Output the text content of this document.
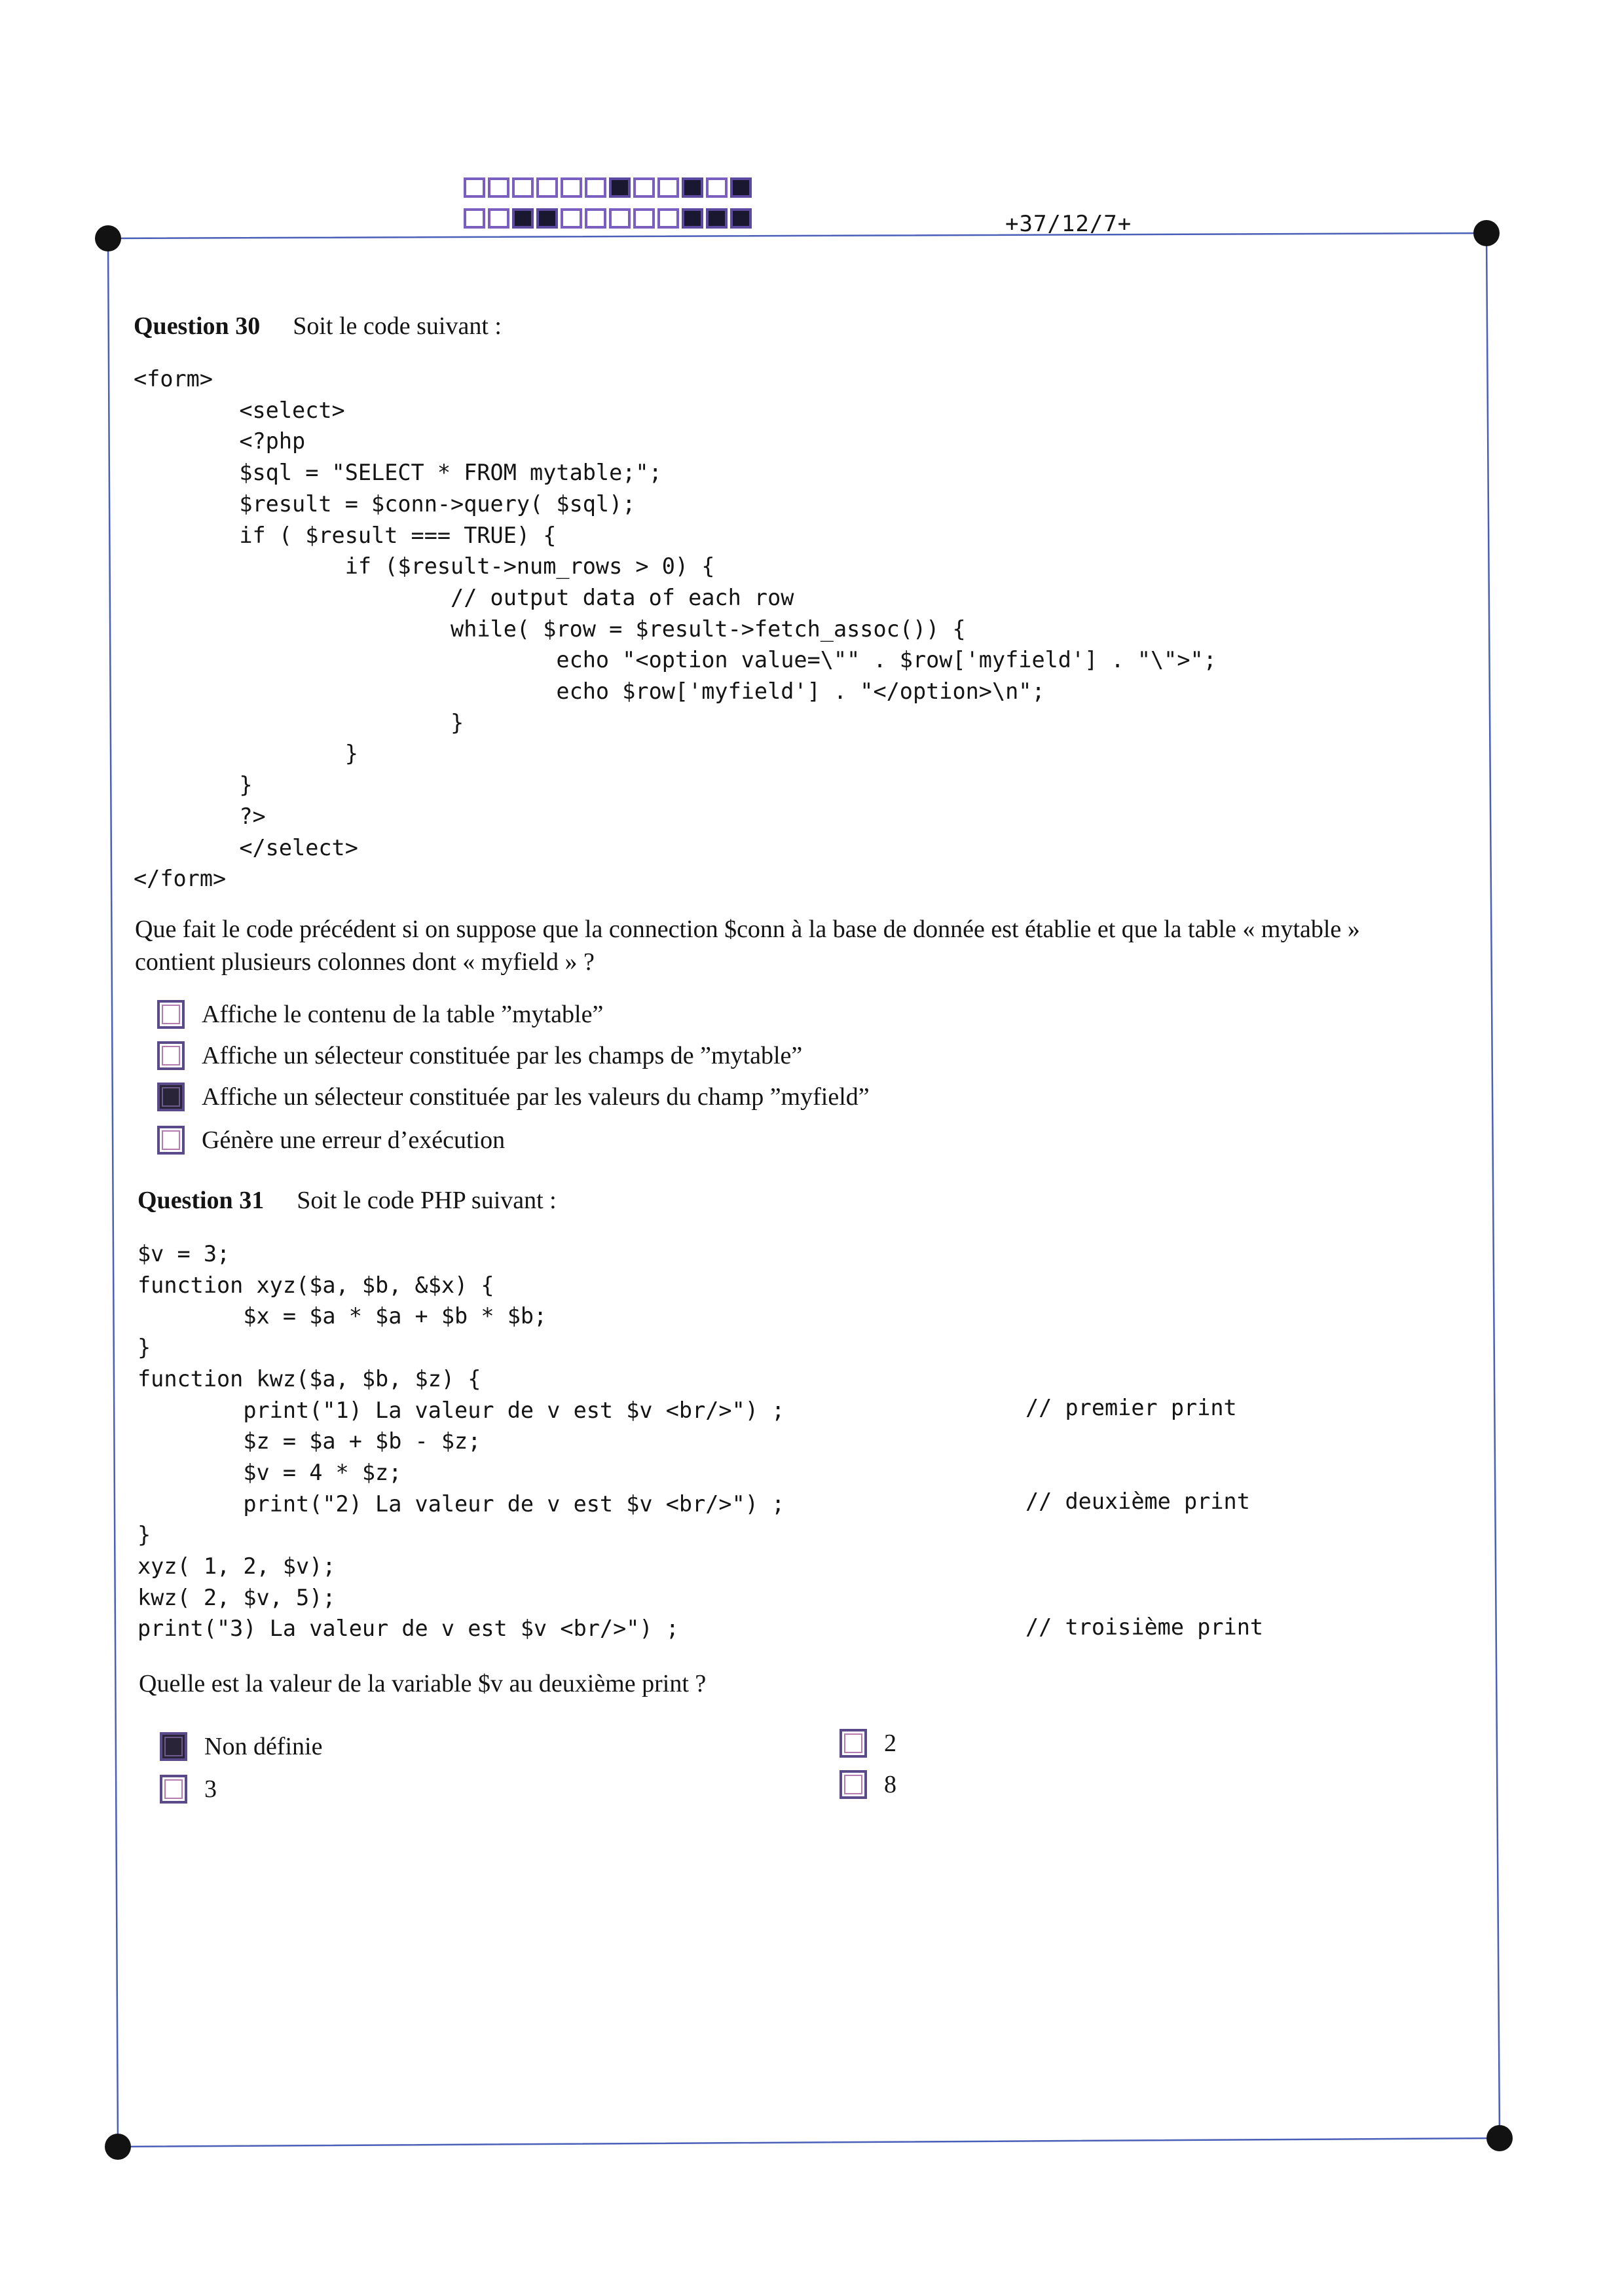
+37/12/7+
Question 30 Soit le code suivant :
<form>
<select>
<?php
$sql = "SELECT * FROM mytable;";
$result = $conn->query( $sql);
if ( $result === TRUE) {
if ($result->num_rows > 0) {
// output data of each row
while( $row = $result->fetch_assoc()) {
echo "<option value=\"" . $row['myfield'] . "\">";
echo $row['myfield'] . "</option>\n";
}
}
}
?>
</select>
</form>
Que fait le code précédent si on suppose que la connection $conn à la base de donnée est établie et que la table « mytable »
contient plusieurs colonnes dont « myfield » ?
Affiche le contenu de la table ”mytable”
Affiche un sélecteur constituée par les champs de ”mytable”
Affiche un sélecteur constituée par les valeurs du champ ”myfield”
Génère une erreur d’exécution
Question 31 Soit le code PHP suivant :
$v = 3;
function xyz($a, $b, &$x) {
$x = $a * $a + $b * $b;
}
function kwz($a, $b, $z) {
print("1) La valeur de v est $v <br/>") ;
$z = $a + $b - $z;
$v = 4 * $z;
print("2) La valeur de v est $v <br/>") ;
}
xyz( 1, 2, $v);
kwz( 2, $v, 5);
print("3) La valeur de v est $v <br/>") ;
// premier print
// deuxième print
// troisième print
Quelle est la valeur de la variable $v au deuxième print ?
Non définie
3
2
8
